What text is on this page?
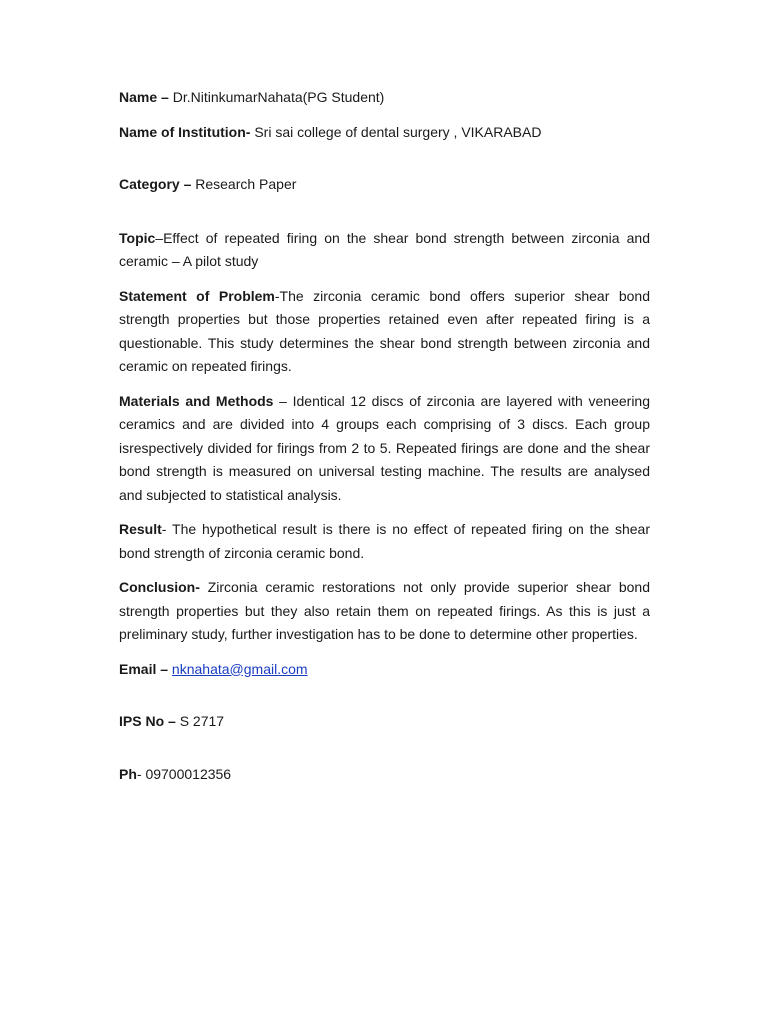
Name – Dr.NitinkumarNahata(PG Student)

Name of Institution- Sri sai college of dental surgery , VIKARABAD

Category – Research Paper

Topic–Effect of repeated firing on the shear bond strength between zirconia and ceramic – A pilot study

Statement of Problem-The zirconia ceramic bond offers superior shear bond strength properties but those properties retained even after repeated firing is a questionable. This study determines the shear bond strength between zirconia and ceramic on repeated firings.

Materials and Methods – Identical 12 discs of zirconia are layered with veneering ceramics and are divided into 4 groups each comprising of 3 discs. Each group isrespectively divided for firings from 2 to 5. Repeated firings are done and the shear bond strength is measured on universal testing machine. The results are analysed and subjected to statistical analysis.

Result- The hypothetical result is there is no effect of repeated firing on the shear bond strength of zirconia ceramic bond.

Conclusion- Zirconia ceramic restorations not only provide superior shear bond strength properties but they also retain them on repeated firings. As this is just a preliminary study, further investigation has to be done to determine other properties.

Email – nknahata@gmail.com

IPS No – S 2717

Ph- 09700012356
